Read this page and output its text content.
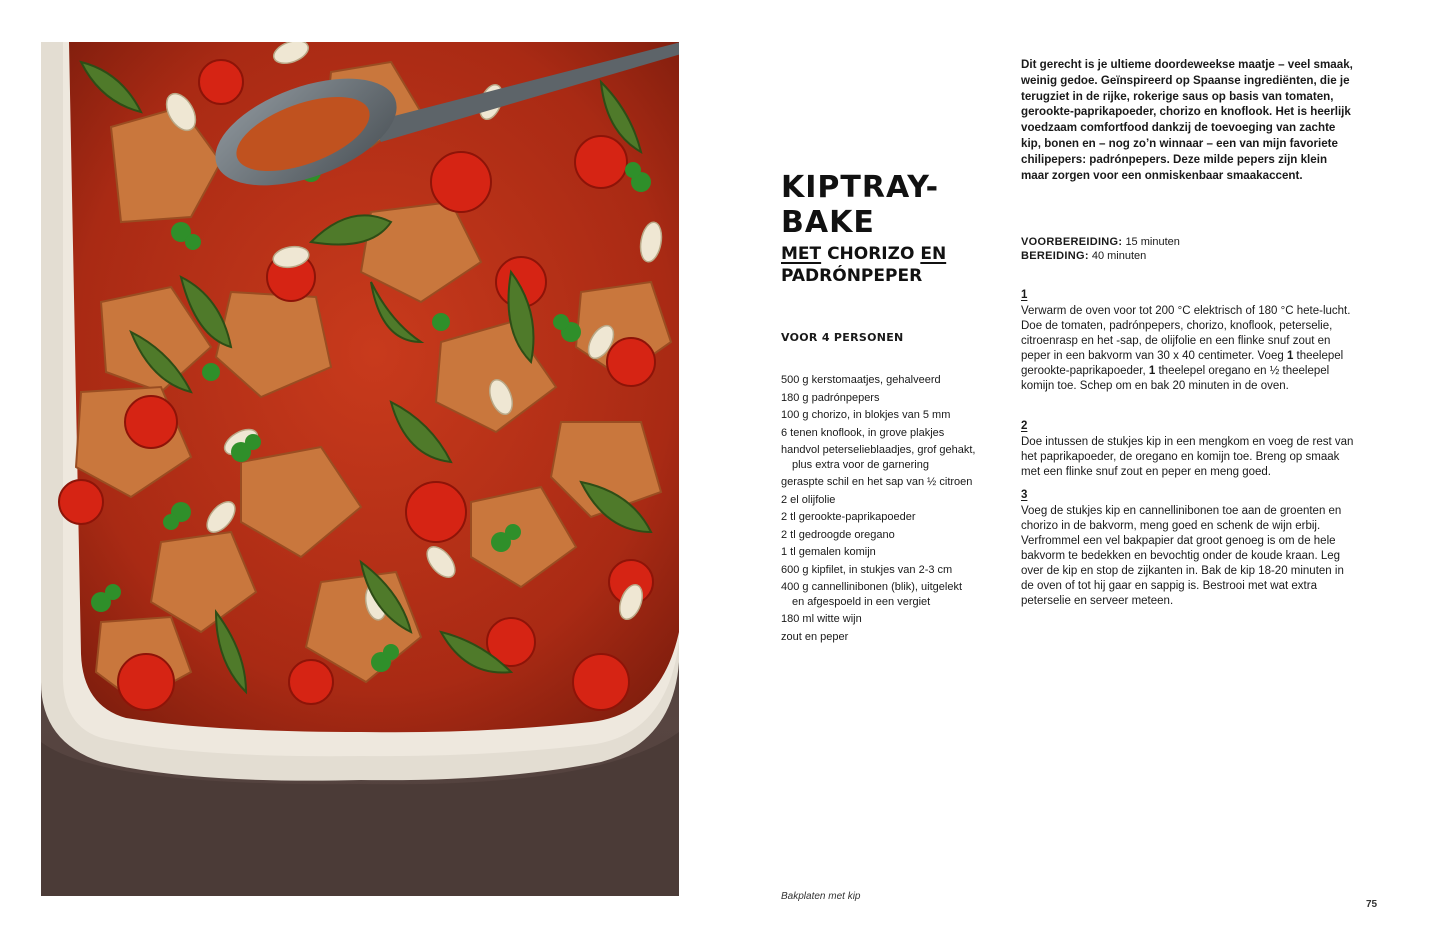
KIPTRAY-BAKE
MET CHORIZO EN
PADRÓNPEPER
VOOR 4 PERSONEN
500 g kerstomaatjes, gehalveerd
180 g padrónpepers
100 g chorizo, in blokjes van 5 mm
6 tenen knoflook, in grove plakjes
handvol peterselieblaadjes, grof gehakt, plus extra voor de garnering
geraspte schil en het sap van ½ citroen
2 el olijfolie
2 tl gerookte-paprikapoeder
2 tl gedroogde oregano
1 tl gemalen komijn
600 g kipfilet, in stukjes van 2-3 cm
400 g cannellinibonen (blik), uitgelekt en afgespoeld in een vergiet
180 ml witte wijn
zout en peper

Dit gerecht is je ultieme doordeweekse maatje – veel smaak, weinig gedoe. Geïnspireerd op Spaanse ingrediënten, die je terugziet in de rijke, rokerige saus op basis van tomaten, gerookte-paprikapoeder, chorizo en knoflook. Het is heerlijk voedzaam comfortfood dankzij de toevoeging van zachte kip, bonen en – nog zo’n winnaar – een van mijn favoriete chilipepers: padrónpepers. Deze milde pepers zijn klein maar zorgen voor een onmiskenbaar smaakaccent.

VOORBEREIDING: 15 minuten
BEREIDING: 40 minuten
1

Verwarm de oven voor tot 200 °C elektrisch of 180 °C hete-lucht. Doe de tomaten, padrónpepers, chorizo, knoflook, peterselie, citroenrasp en het -sap, de olijfolie en een flinke snuf zout en peper in een bakvorm van 30 x 40 centimeter. Voeg 1 theelepel gerookte-paprikapoeder, 1 theelepel oregano en ½ theelepel komijn toe. Schep om en bak 20 minuten in de oven.

2

Doe intussen de stukjes kip in een mengkom en voeg de rest van het paprikapoeder, de oregano en komijn toe. Breng op smaak met een flinke snuf zout en peper en meng goed.

3

Voeg de stukjes kip en cannellinibonen toe aan de groenten en chorizo in de bakvorm, meng goed en schenk de wijn erbij. Verfrommel een vel bakpapier dat groot genoeg is om de hele bakvorm te bedekken en bevochtig onder de koude kraan. Leg over de kip en stop de zijkanten in. Bak de kip 18-20 minuten in de oven of tot hij gaar en sappig is. Bestrooi met wat extra peterselie en serveer meteen.

Bakplaten met kip
75
